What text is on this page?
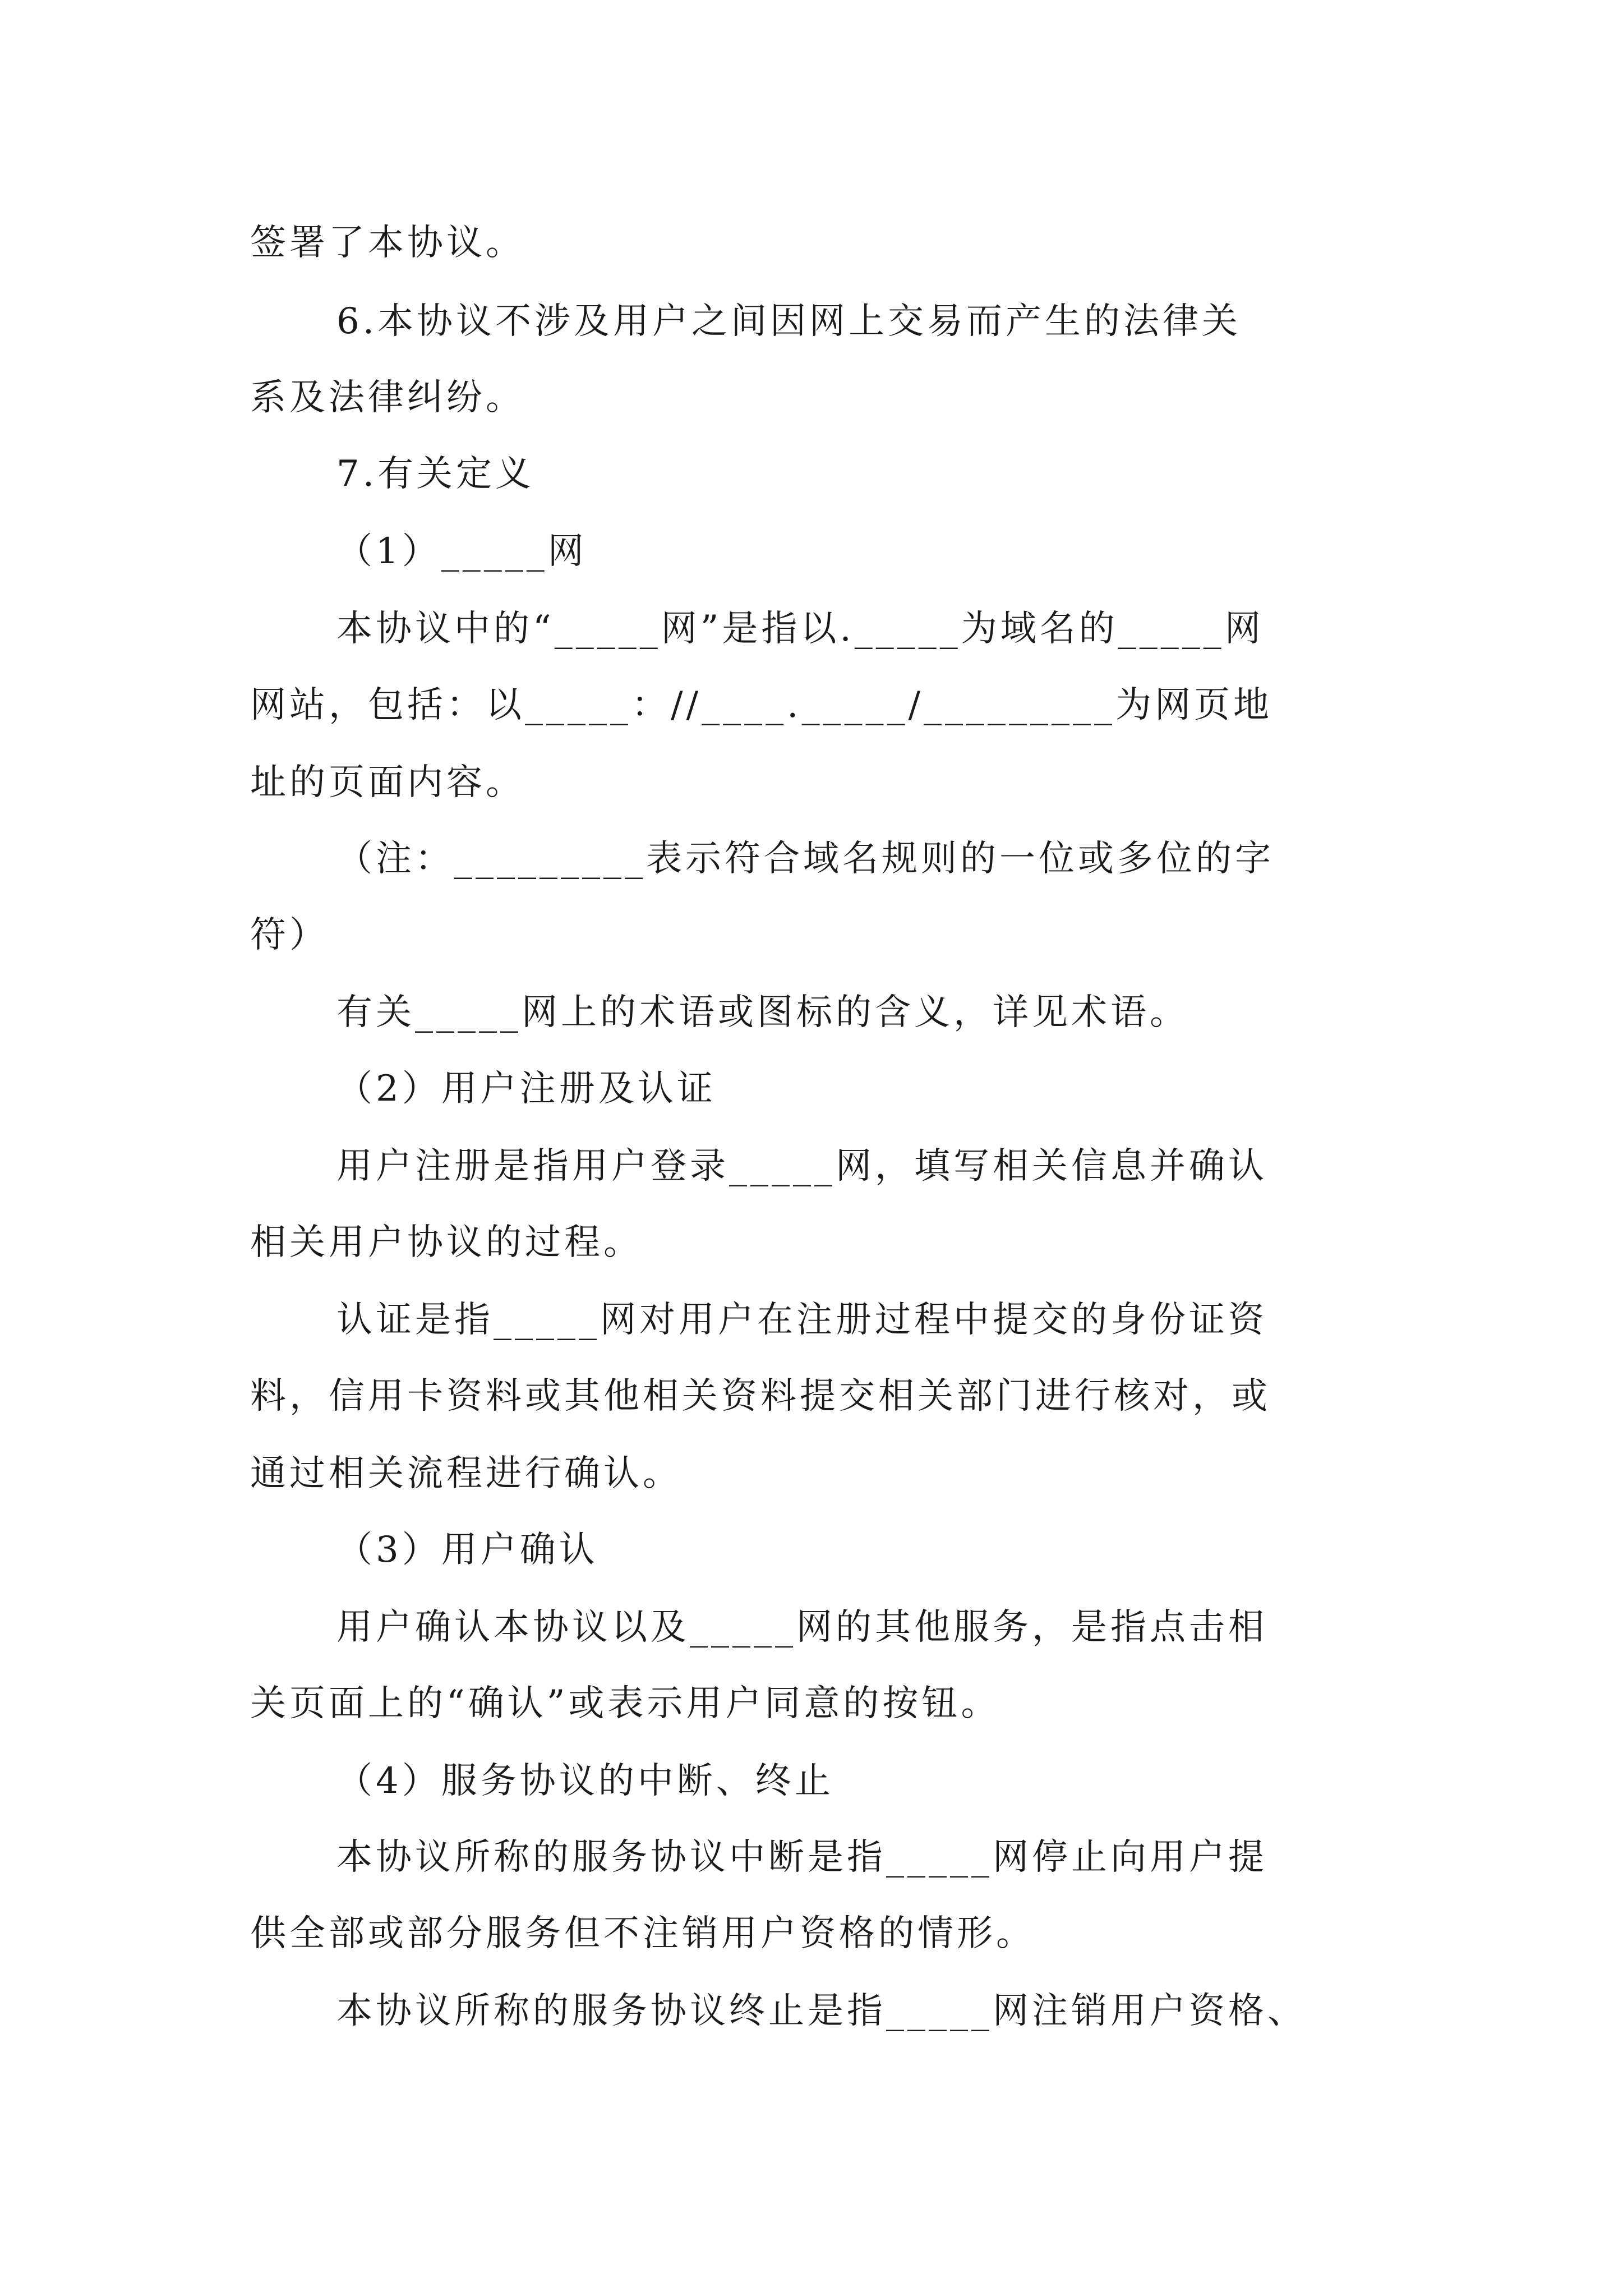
签署了本协议。
6.本协议不涉及用户之间因网上交易而产生的法律关
系及法律纠纷。
7.有关定义
（1）_____网
本协议中的“_____网”是指以._____为域名的_____网
网站，包括：以_____：//____._____/_________为网页地
址的页面内容。
（注：_________表示符合域名规则的一位或多位的字
符）
有关_____网上的术语或图标的含义，详见术语。
（2）用户注册及认证
用户注册是指用户登录_____网，填写相关信息并确认
相关用户协议的过程。
认证是指_____网对用户在注册过程中提交的身份证资
料，信用卡资料或其他相关资料提交相关部门进行核对，或
通过相关流程进行确认。
（3）用户确认
用户确认本协议以及_____网的其他服务，是指点击相
关页面上的“确认”或表示用户同意的按钮。
（4）服务协议的中断、终止
本协议所称的服务协议中断是指_____网停止向用户提
供全部或部分服务但不注销用户资格的情形。
本协议所称的服务协议终止是指_____网注销用户资格、
